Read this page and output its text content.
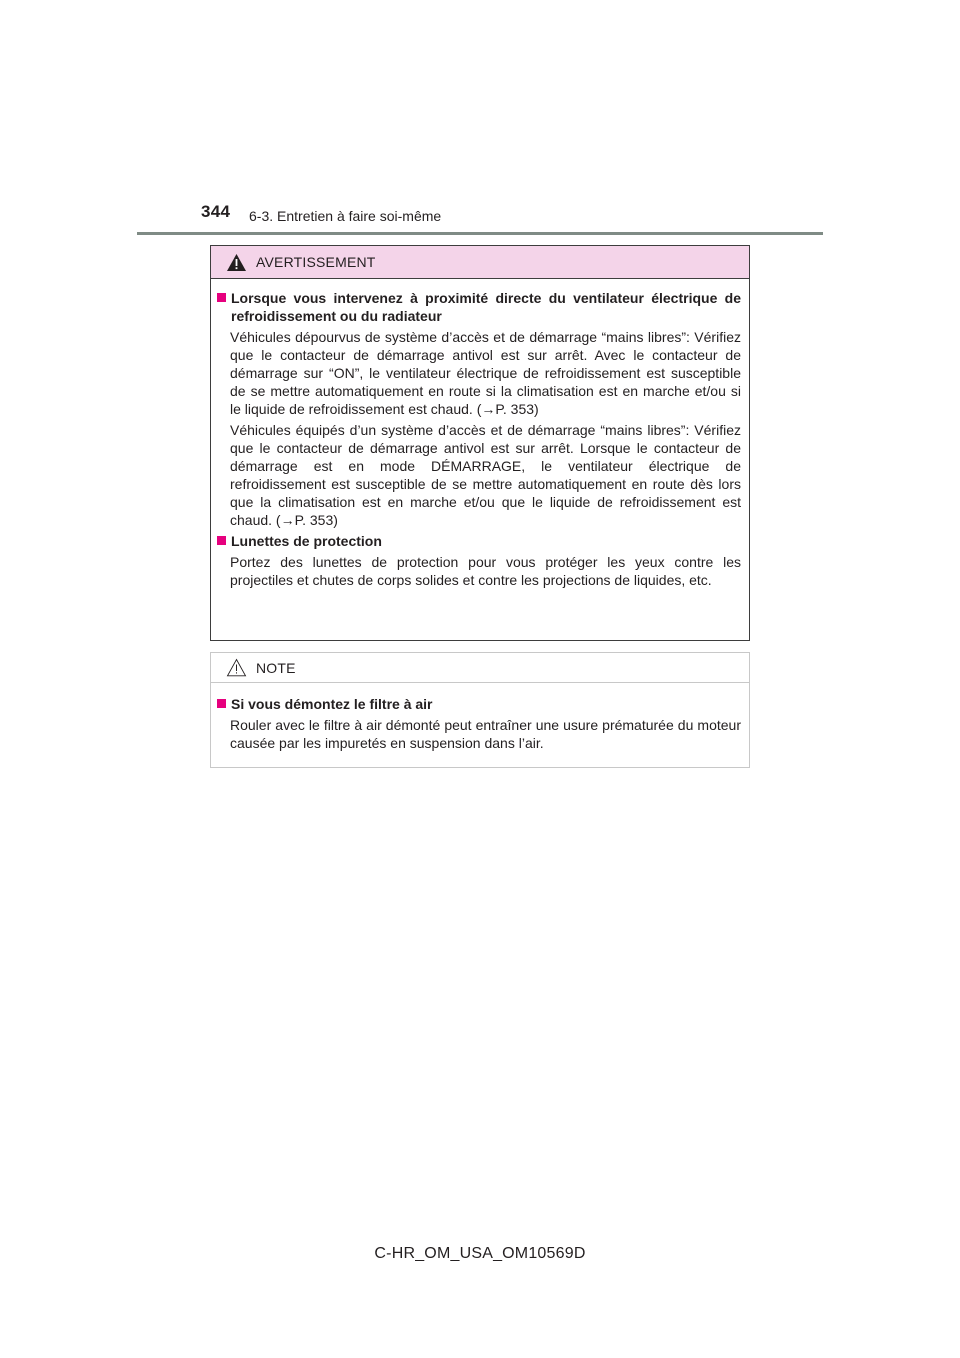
344 6-3. Entretien à faire soi-même
AVERTISSEMENT
Lorsque vous intervenez à proximité directe du ventilateur électrique de refroidissement ou du radiateur

Véhicules dépourvus de système d’accès et de démarrage “mains libres”: Vérifiez que le contacteur de démarrage antivol est sur arrêt. Avec le contacteur de démarrage sur “ON”, le ventilateur électrique de refroidissement est susceptible de se mettre automatiquement en route si la climatisation est en marche et/ou si le liquide de refroidissement est chaud. (→P. 353)

Véhicules équipés d’un système d’accès et de démarrage “mains libres”: Vérifiez que le contacteur de démarrage antivol est sur arrêt. Lorsque le contacteur de démarrage est en mode DÉMARRAGE, le ventilateur électrique de refroidissement est susceptible de se mettre automatiquement en route dès lors que la climatisation est en marche et/ou que le liquide de refroidissement est chaud. (→P. 353)

Lunettes de protection

Portez des lunettes de protection pour vous protéger les yeux contre les projectiles et chutes de corps solides et contre les projections de liquides, etc.

NOTE
Si vous démontez le filtre à air

Rouler avec le filtre à air démonté peut entraîner une usure prématurée du moteur causée par les impuretés en suspension dans l’air.

C-HR_OM_USA_OM10569D
